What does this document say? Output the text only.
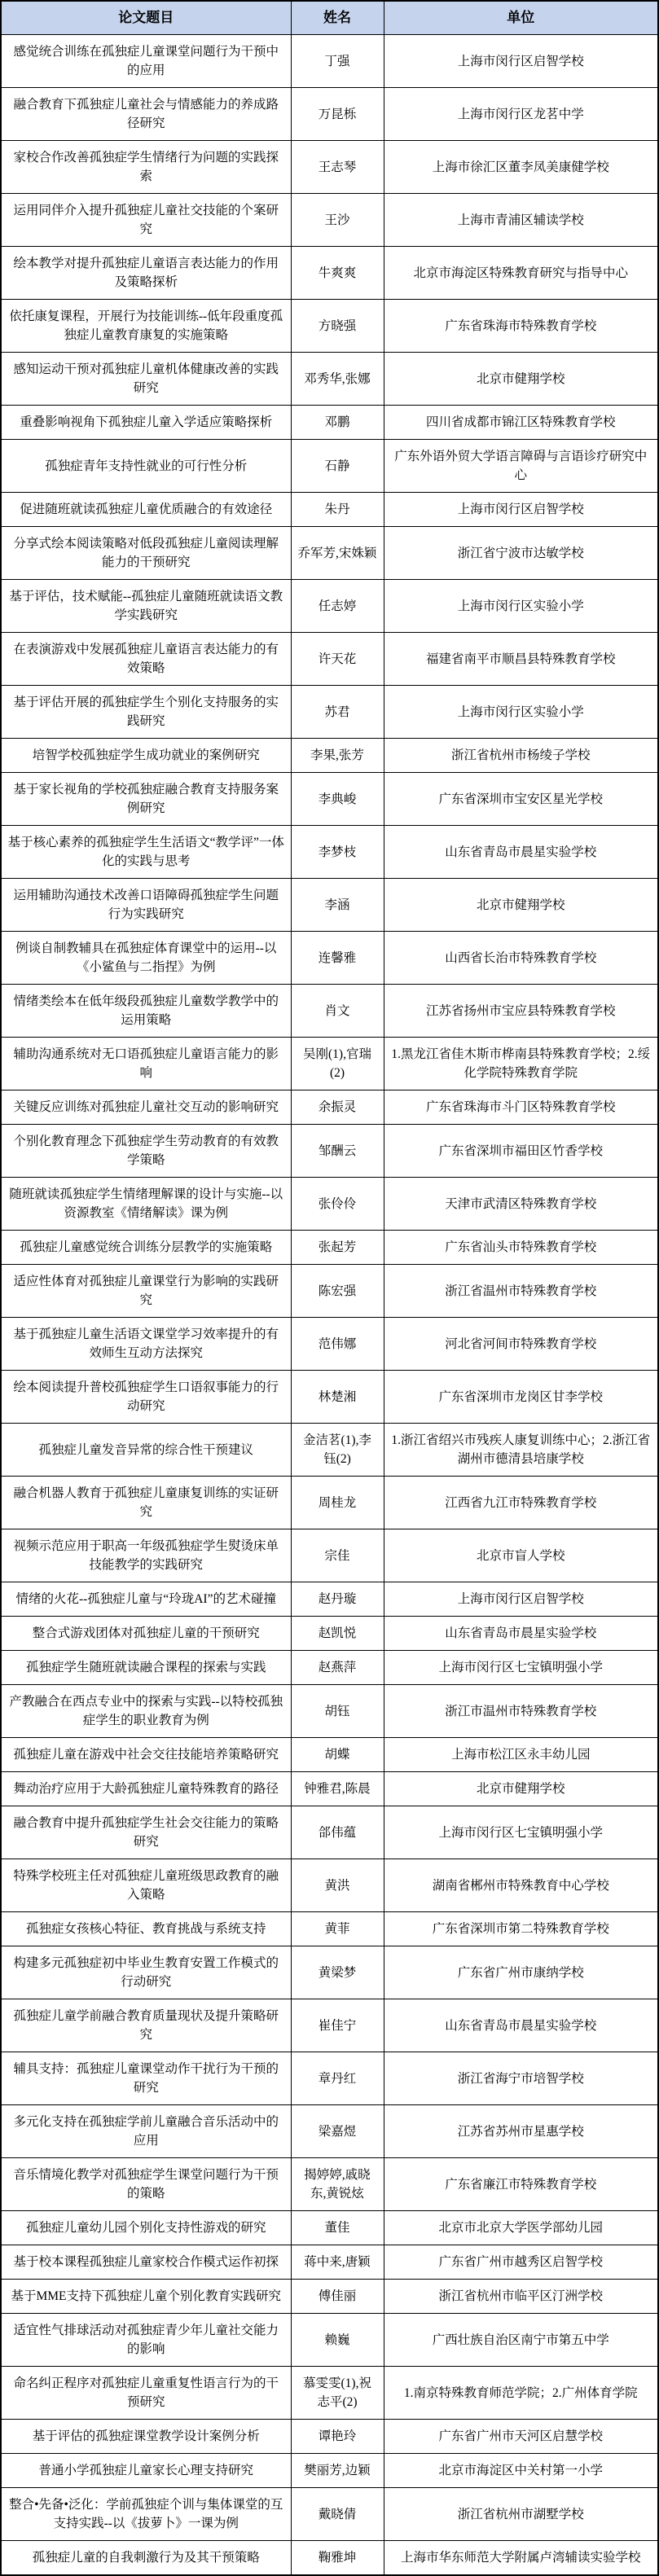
论文题目	姓名	单位
感觉统合训练在孤独症儿童课堂问题行为干预中的应用	丁强	上海市闵行区启智学校
融合教育下孤独症儿童社会与情感能力的养成路径研究	万昆栎	上海市闵行区龙茗中学
家校合作改善孤独症学生情绪行为问题的实践探索	王志琴	上海市徐汇区董李凤美康健学校
运用同伴介入提升孤独症儿童社交技能的个案研究	王沙	上海市青浦区辅读学校
绘本教学对提升孤独症儿童语言表达能力的作用及策略探析	牛爽爽	北京市海淀区特殊教育研究与指导中心
依托康复课程，开展行为技能训练--低年段重度孤独症儿童教育康复的实施策略	方晓强	广东省珠海市特殊教育学校
感知运动干预对孤独症儿童机体健康改善的实践研究	邓秀华,张娜	北京市健翔学校
重叠影响视角下孤独症儿童入学适应策略探析	邓鹏	四川省成都市锦江区特殊教育学校
孤独症青年支持性就业的可行性分析	石静	广东外语外贸大学语言障碍与言语诊疗研究中心
促进随班就读孤独症儿童优质融合的有效途径	朱丹	上海市闵行区启智学校
分享式绘本阅读策略对低段孤独症儿童阅读理解能力的干预研究	乔军芳,宋姝颖	浙江省宁波市达敏学校
基于评估，技术赋能--孤独症儿童随班就读语文教学实践研究	任志婷	上海市闵行区实验小学
在表演游戏中发展孤独症儿童语言表达能力的有效策略	许天花	福建省南平市顺昌县特殊教育学校
基于评估开展的孤独症学生个别化支持服务的实践研究	苏君	上海市闵行区实验小学
培智学校孤独症学生成功就业的案例研究	李果,张芳	浙江省杭州市杨绫子学校
基于家长视角的学校孤独症融合教育支持服务案例研究	李典峻	广东省深圳市宝安区星光学校
基于核心素养的孤独症学生生活语文“教学评”一体化的实践与思考	李梦枝	山东省青岛市晨星实验学校
运用辅助沟通技术改善口语障碍孤独症学生问题行为实践研究	李涵	北京市健翔学校
例谈自制教辅具在孤独症体育课堂中的运用--以《小鲨鱼与二指捏》为例	连馨雅	山西省长治市特殊教育学校
情绪类绘本在低年级段孤独症儿童数学教学中的运用策略	肖文	江苏省扬州市宝应县特殊教育学校
辅助沟通系统对无口语孤独症儿童语言能力的影响	吴刚(1),官瑞(2)	1.黑龙江省佳木斯市桦南县特殊教育学校；2.绥化学院特殊教育学院
关键反应训练对孤独症儿童社交互动的影响研究	余振灵	广东省珠海市斗门区特殊教育学校
个别化教育理念下孤独症学生劳动教育的有效教学策略	邹酬云	广东省深圳市福田区竹香学校
随班就读孤独症学生情绪理解课的设计与实施--以资源教室《情绪解读》课为例	张伶伶	天津市武清区特殊教育学校
孤独症儿童感觉统合训练分层教学的实施策略	张起芳	广东省汕头市特殊教育学校
适应性体育对孤独症儿童课堂行为影响的实践研究	陈宏强	浙江省温州市特殊教育学校
基于孤独症儿童生活语文课堂学习效率提升的有效师生互动方法探究	范伟娜	河北省河间市特殊教育学校
绘本阅读提升普校孤独症学生口语叙事能力的行动研究	林楚湘	广东省深圳市龙岗区甘李学校
孤独症儿童发音异常的综合性干预建议	金洁茗(1),李钰(2)	1.浙江省绍兴市残疾人康复训练中心；2.浙江省湖州市德清县培康学校
融合机器人教育于孤独症儿童康复训练的实证研究	周桂龙	江西省九江市特殊教育学校
视频示范应用于职高一年级孤独症学生熨烫床单技能教学的实践研究	宗佳	北京市盲人学校
情绪的火花--孤独症儿童与“玲珑AI”的艺术碰撞	赵丹璇	上海市闵行区启智学校
整合式游戏团体对孤独症儿童的干预研究	赵凯悦	山东省青岛市晨星实验学校
孤独症学生随班就读融合课程的探索与实践	赵燕萍	上海市闵行区七宝镇明强小学
产教融合在西点专业中的探索与实践--以特校孤独症学生的职业教育为例	胡钰	浙江市温州市特殊教育学校
孤独症儿童在游戏中社会交往技能培养策略研究	胡蝶	上海市松江区永丰幼儿园
舞动治疗应用于大龄孤独症儿童特殊教育的路径	钟雅君,陈晨	北京市健翔学校
融合教育中提升孤独症学生社会交往能力的策略研究	郃伟蕴	上海市闵行区七宝镇明强小学
特殊学校班主任对孤独症儿童班级思政教育的融入策略	黄洪	湖南省郴州市特殊教育中心学校
孤独症女孩核心特征、教育挑战与系统支持	黄菲	广东省深圳市第二特殊教育学校
构建多元孤独症初中毕业生教育安置工作模式的行动研究	黄梁梦	广东省广州市康纳学校
孤独症儿童学前融合教育质量现状及提升策略研究	崔佳宁	山东省青岛市晨星实验学校
辅具支持：孤独症儿童课堂动作干扰行为干预的研究	章丹红	浙江省海宁市培智学校
多元化支持在孤独症学前儿童融合音乐活动中的应用	梁嘉煜	江苏省苏州市星惠学校
音乐情境化教学对孤独症学生课堂问题行为干预的策略	揭婷婷,戚晓东,黄锐炫	广东省廉江市特殊教育学校
孤独症儿童幼儿园个别化支持性游戏的研究	董佳	北京市北京大学医学部幼儿园
基于校本课程孤独症儿童家校合作模式运作初探	蒋中来,唐颖	广东省广州市越秀区启智学校
基于MME支持下孤独症儿童个别化教育实践研究	傅佳丽	浙江省杭州市临平区汀洲学校
适宜性气排球活动对孤独症青少年儿童社交能力的影响	赖巍	广西壮族自治区南宁市第五中学
命名纠正程序对孤独症儿童重复性语言行为的干预研究	慕雯雯(1),祝志平(2)	1.南京特殊教育师范学院；2.广州体育学院
基于评估的孤独症课堂教学设计案例分析	谭艳玲	广东省广州市天河区启慧学校
普通小学孤独症儿童家长心理支持研究	樊丽芳,边颖	北京市海淀区中关村第一小学
整合•先备•泛化：学前孤独症个训与集体课堂的互支持实践--以《拔萝卜》一课为例	戴晓倩	浙江省杭州市湖墅学校
孤独症儿童的自我刺激行为及其干预策略	鞠雅坤	上海市华东师范大学附属卢湾辅读实验学校
